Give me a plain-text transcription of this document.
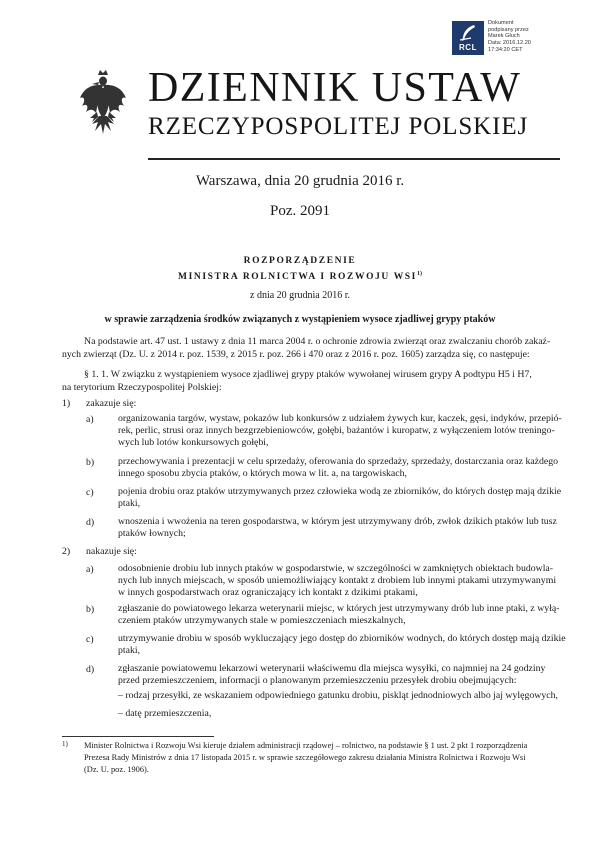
RCL
Dokument
podpisany przez
Marek Głuch
Data: 2016.12.20
17:34:20 CET
DZIENNIK USTAW
RZECZYPOSPOLITEJ POLSKIEJ
Warszawa, dnia 20 grudnia 2016 r.
Poz. 2091
ROZPORZĄDZENIE
MINISTRA ROLNICTWA I ROZWOJU WSI$^{1)}$
z dnia 20 grudnia 2016 r.
w sprawie zarządzenia środków związanych z wystąpieniem wysoce zjadliwej grypy ptaków
Na podstawie art. 47 ust. 1 ustawy z dnia 11 marca 2004 r. o ochronie zdrowia zwierząt oraz zwalczaniu chorób zakaź-
nych zwierząt (Dz. U. z 2014 r. poz. 1539, z 2015 r. poz. 266 i 470 oraz z 2016 r. poz. 1605) zarządza się, co następuje:
§ 1. 1. W związku z wystąpieniem wysoce zjadliwej grypy ptaków wywołanej wirusem grypy A podtypu H5 i H7,
na terytorium Rzeczypospolitej Polskiej:
1) zakazuje się:
a) organizowania targów, wystaw, pokazów lub konkursów z udziałem żywych kur, kaczek, gęsi, indyków, przepió-
rek, perlic, strusi oraz innych bezgrzebieniowców, gołębi, bażantów i kuropatw, z wyłączeniem lotów treningo-
wych lub lotów konkursowych gołębi,
b) przechowywania i prezentacji w celu sprzedaży, oferowania do sprzedaży, sprzedaży, dostarczania oraz każdego
innego sposobu zbycia ptaków, o których mowa w lit. a, na targowiskach,
c) pojenia drobiu oraz ptaków utrzymywanych przez człowieka wodą ze zbiorników, do których dostęp mają dzikie
ptaki,
d) wnoszenia i wwożenia na teren gospodarstwa, w którym jest utrzymywany drób, zwłok dzikich ptaków lub tusz
ptaków łownych;
2) nakazuje się:
a) odosobnienie drobiu lub innych ptaków w gospodarstwie, w szczególności w zamkniętych obiektach budowla-
nych lub innych miejscach, w sposób uniemożliwiający kontakt z drobiem lub innymi ptakami utrzymywanymi
w innych gospodarstwach oraz ograniczający ich kontakt z dzikimi ptakami,
b) zgłaszanie do powiatowego lekarza weterynarii miejsc, w których jest utrzymywany drób lub inne ptaki, z wyłą-
czeniem ptaków utrzymywanych stale w pomieszczeniach mieszkalnych,
c) utrzymywanie drobiu w sposób wykluczający jego dostęp do zbiorników wodnych, do których dostęp mają dzikie
ptaki,
d) zgłaszanie powiatowemu lekarzowi weterynarii właściwemu dla miejsca wysyłki, co najmniej na 24 godziny
przed przemieszczeniem, informacji o planowanym przemieszczeniu przesyłek drobiu obejmujących:
– rodzaj przesyłki, ze wskazaniem odpowiedniego gatunku drobiu, piskląt jednodniowych albo jaj wylęgowych,
– datę przemieszczenia,
1) Minister Rolnictwa i Rozwoju Wsi kieruje działem administracji rządowej – rolnictwo, na podstawie § 1 ust. 2 pkt 1 rozporządzenia
Prezesa Rady Ministrów z dnia 17 listopada 2015 r. w sprawie szczegółowego zakresu działania Ministra Rolnictwa i Rozwoju Wsi
(Dz. U. poz. 1906).
